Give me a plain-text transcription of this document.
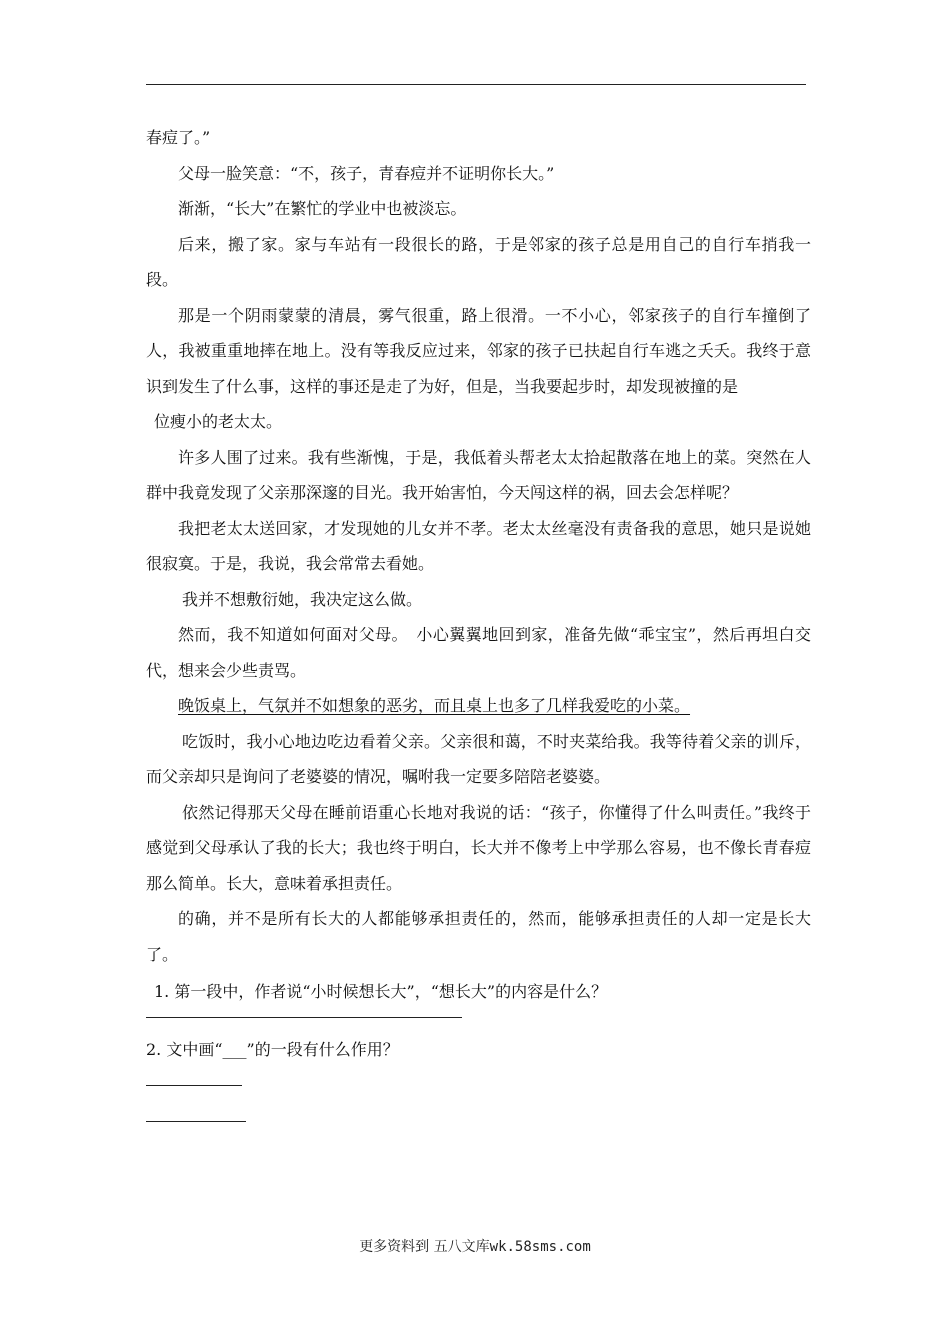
春痘了。”

父母一脸笑意：“不，孩子，青春痘并不证明你长大。”

渐渐，“长大”在繁忙的学业中也被淡忘。

后来，搬了家。家与车站有一段很长的路，于是邻家的孩子总是用自己的自行车捎我一段。

那是一个阴雨蒙蒙的清晨，雾气很重，路上很滑。一不小心，邻家孩子的自行车撞倒了人，我被重重地摔在地上。没有等我反应过来，邻家的孩子已扶起自行车逃之夭夭。我终于意识到发生了什么事，这样的事还是走了为好，但是，当我要起步时，却发现被撞的是

位瘦小的老太太。

许多人围了过来。我有些渐愧，于是，我低着头帮老太太拾起散落在地上的菜。突然在人群中我竟发现了父亲那深邃的目光。我开始害怕，今天闯这样的祸，回去会怎样呢？

我把老太太送回家，才发现她的儿女并不孝。老太太丝毫没有责备我的意思，她只是说她很寂寞。于是，我说，我会常常去看她。

我并不想敷衍她，我决定这么做。

然而，我不知道如何面对父母。　小心翼翼地回到家，准备先做“乖宝宝”，然后再坦白交代，想来会少些责骂。

晚饭桌上，气氛并不如想象的恶劣，而且桌上也多了几样我爱吃的小菜。

吃饭时，我小心地边吃边看着父亲。父亲很和蔼，不时夹菜给我。我等待着父亲的训斥，而父亲却只是询问了老婆婆的情况，嘱咐我一定要多陪陪老婆婆。

依然记得那天父母在睡前语重心长地对我说的话：“孩子，你懂得了什么叫责任。”我终于感觉到父母承认了我的长大；我也终于明白，长大并不像考上中学那么容易，也不像长青春痘那么简单。长大，意味着承担责任。

的确，并不是所有长大的人都能够承担责任的，然而，能够承担责任的人却一定是长大了。

1. 第一段中，作者说“小时候想长大”，“想长大”的内容是什么？

2. 文中画“___”的一段有什么作用？

更多资料到 五八文库wk.58sms.com
